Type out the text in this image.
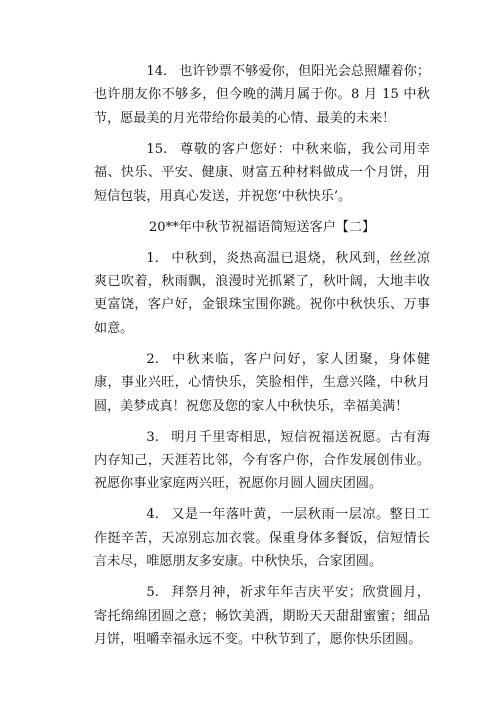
14. 也许钞票不够爱你，但阳光会总照耀着你；也许朋友你不够多，但今晚的满月属于你。8 月 15 中秋节，愿最美的月光带给你最美的心情、最美的未来！

15. 尊敬的客户您好：中秋来临，我公司用幸福、快乐、平安、健康、财富五种材料做成一个月饼，用短信包装，用真心发送，并祝您‘中秋快乐’。

20**年中秋节祝福语简短送客户【二】

1. 中秋到，炎热高温已退烧，秋风到，丝丝凉爽已吹着，秋雨飘，浪漫时光抓紧了，秋叶阔，大地丰收更富饶，客户好，金银珠宝围你跳。祝你中秋快乐、万事如意。

2. 中秋来临，客户问好，家人团聚，身体健康，事业兴旺，心情快乐，笑脸相伴，生意兴隆，中秋月圆，美梦成真！祝您及您的家人中秋快乐，幸福美满！

3. 明月千里寄相思，短信祝福送祝愿。古有海内存知己，天涯若比邻，今有客户你，合作发展创伟业。祝愿你事业家庭两兴旺，祝愿你月圆人圆庆团圆。

4. 又是一年落叶黄，一层秋雨一层凉。整日工作挺辛苦，天凉别忘加衣裳。保重身体多餐饭，信短情长言未尽，唯愿朋友多安康。中秋快乐，合家团圆。

5. 拜祭月神，祈求年年吉庆平安；欣赏圆月，寄托绵绵团圆之意；畅饮美酒，期盼天天甜甜蜜蜜；细品月饼，咀嚼幸福永远不变。中秋节到了，愿你快乐团圆。
